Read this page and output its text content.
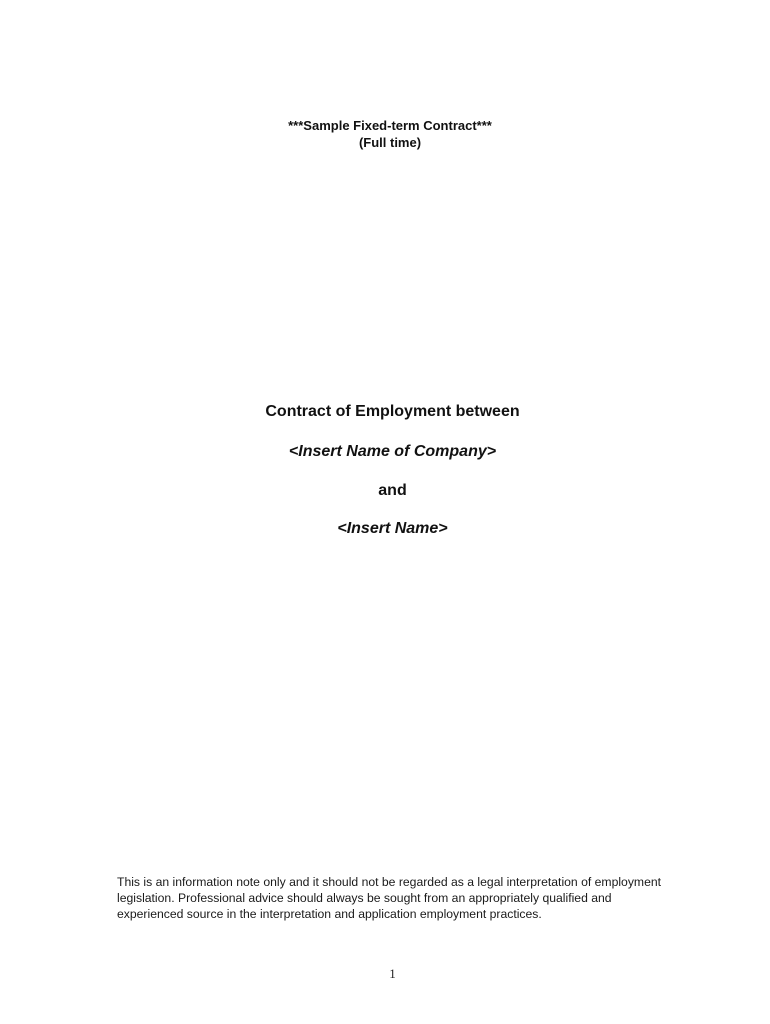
***Sample Fixed-term Contract***
(Full time)
Contract of Employment between
<Insert Name of Company>
and
<Insert Name>
This is an information note only and it should not be regarded as a legal interpretation of employment legislation. Professional advice should always be sought from an appropriately qualified and experienced source in the interpretation and application employment practices.
1
